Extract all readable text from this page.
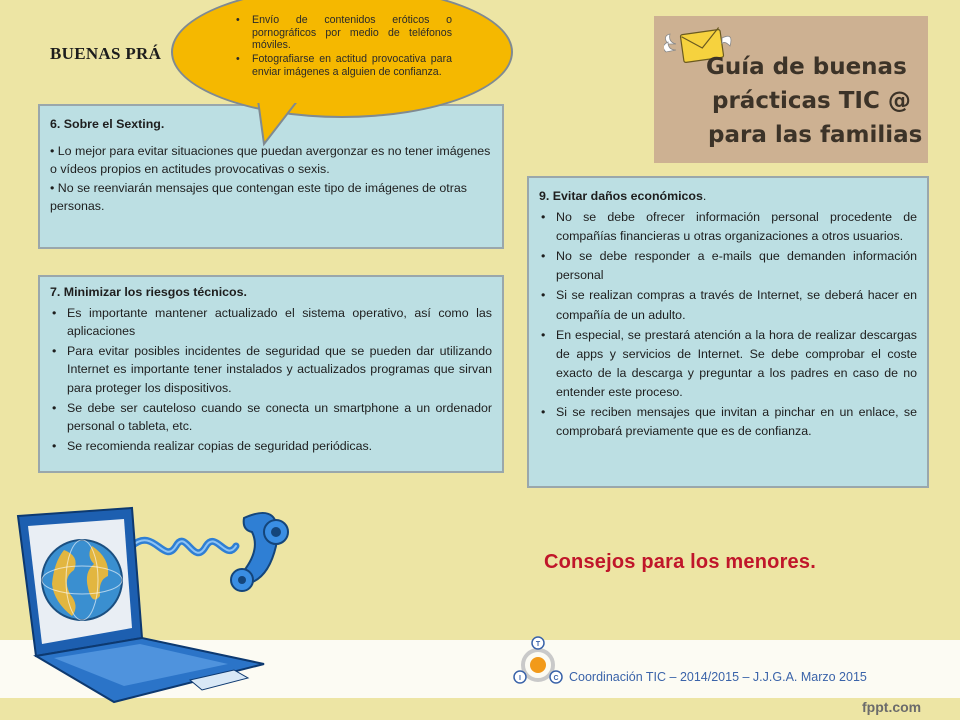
BUENAS PRÁ
6. Sobre el Sexting.

• Lo mejor para evitar situaciones que puedan avergonzar es no tener imágenes o vídeos propios en actitudes provocativas o sexis.

• No se reenviarán mensajes que contengan este tipo de imágenes de otras personas.

• Envío de contenidos eróticos o pornográficos por medio de teléfonos móviles.
• Fotografiarse en actitud provocativa para enviar imágenes a alguien de confianza.
7. Minimizar los riesgos técnicos.
• Es importante mantener actualizado el sistema operativo, así como las aplicaciones
• Para evitar posibles incidentes de seguridad que se pueden dar utilizando Internet es importante tener instalados y actualizados programas que sirvan para proteger los dispositivos.
• Se debe ser cauteloso cuando se conecta un smartphone a un ordenador personal o tableta, etc.
• Se recomienda realizar copias de seguridad periódicas.
Guía de buenas
prácticas TIC @
para las familias
9. Evitar daños económicos.
• No se debe ofrecer información personal procedente de compañías financieras u otras organizaciones a otros usuarios.
• No se debe responder a e-mails que demanden información personal
• Si se realizan compras a través de Internet, se deberá hacer en compañía de un adulto.
• En especial, se prestará atención a la hora de realizar descargas de apps y servicios de Internet. Se debe comprobar el coste exacto de la descarga y preguntar a los padres en caso de no entender este proceso.
• Si se reciben mensajes que invitan a pinchar en un enlace, se comprobará previamente que es de confianza.
Consejos para los menores.
T
I	C Coordinación TIC – 2014/2015 – J.J.G.A. Marzo 2015
fppt.com
